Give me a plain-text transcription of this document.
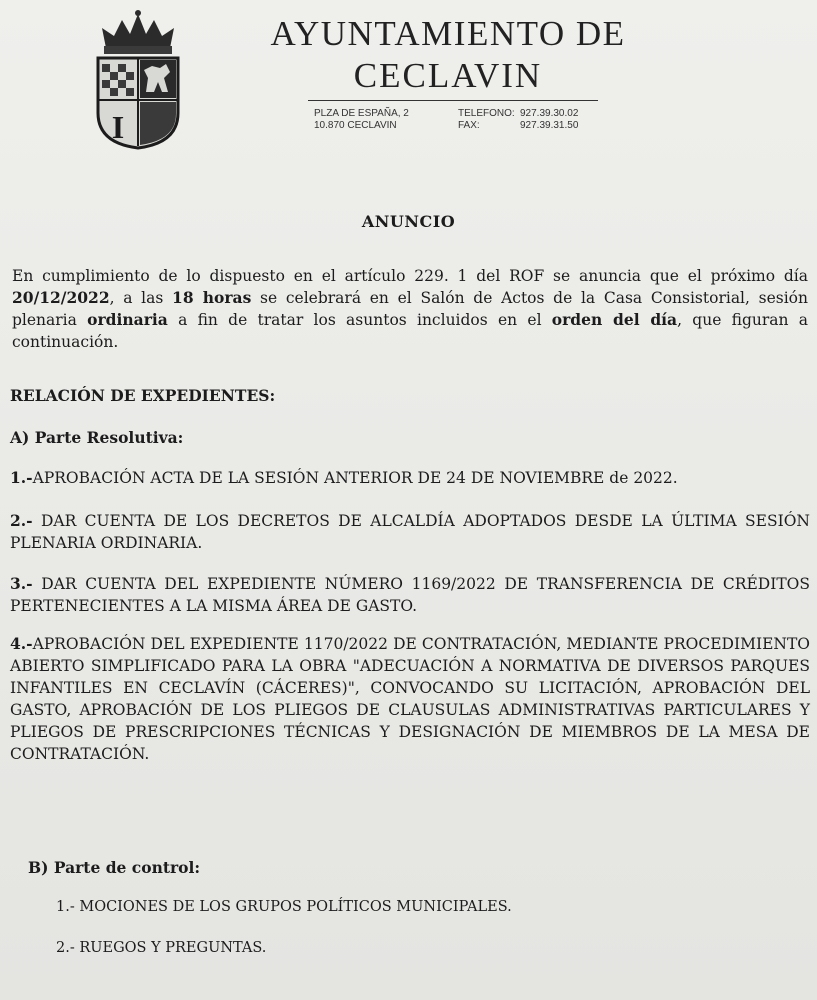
I
AYUNTAMIENTO DE
CECLAVIN
PLZA DE ESPAÑA, 2
10.870 CECLAVIN
TELEFONO: 927.39.30.02
FAX:	927.39.31.50
ANUNCIO
En cumplimiento de lo dispuesto en el artículo 229. 1 del ROF se anuncia que el próximo día 20/12/2022, a las 18 horas se celebrará en el Salón de Actos de la Casa Consistorial, sesión plenaria ordinaria a fin de tratar los asuntos incluidos en el orden del día, que figuran a continuación.
RELACIÓN DE EXPEDIENTES:
A) Parte Resolutiva:
1.-APROBACIÓN ACTA DE LA SESIÓN ANTERIOR DE 24 DE NOVIEMBRE de 2022.
2.- DAR CUENTA DE LOS DECRETOS DE ALCALDÍA ADOPTADOS DESDE LA ÚLTIMA SESIÓN PLENARIA ORDINARIA.
3.- DAR CUENTA DEL EXPEDIENTE NÚMERO 1169/2022 DE TRANSFERENCIA DE CRÉDITOS PERTENECIENTES A LA MISMA ÁREA DE GASTO.
4.-APROBACIÓN DEL EXPEDIENTE 1170/2022 DE CONTRATACIÓN, MEDIANTE PROCEDIMIENTO ABIERTO SIMPLIFICADO PARA LA OBRA "ADECUACIÓN A NORMATIVA DE DIVERSOS PARQUES INFANTILES EN CECLAVÍN (CÁCERES)", CONVOCANDO SU LICITACIÓN, APROBACIÓN DEL GASTO, APROBACIÓN DE LOS PLIEGOS DE CLAUSULAS ADMINISTRATIVAS PARTICULARES Y PLIEGOS DE PRESCRIPCIONES TÉCNICAS Y DESIGNACIÓN DE MIEMBROS DE LA MESA DE CONTRATACIÓN.
B) Parte de control:
1.- MOCIONES DE LOS GRUPOS POLÍTICOS MUNICIPALES.
2.- RUEGOS Y PREGUNTAS.
